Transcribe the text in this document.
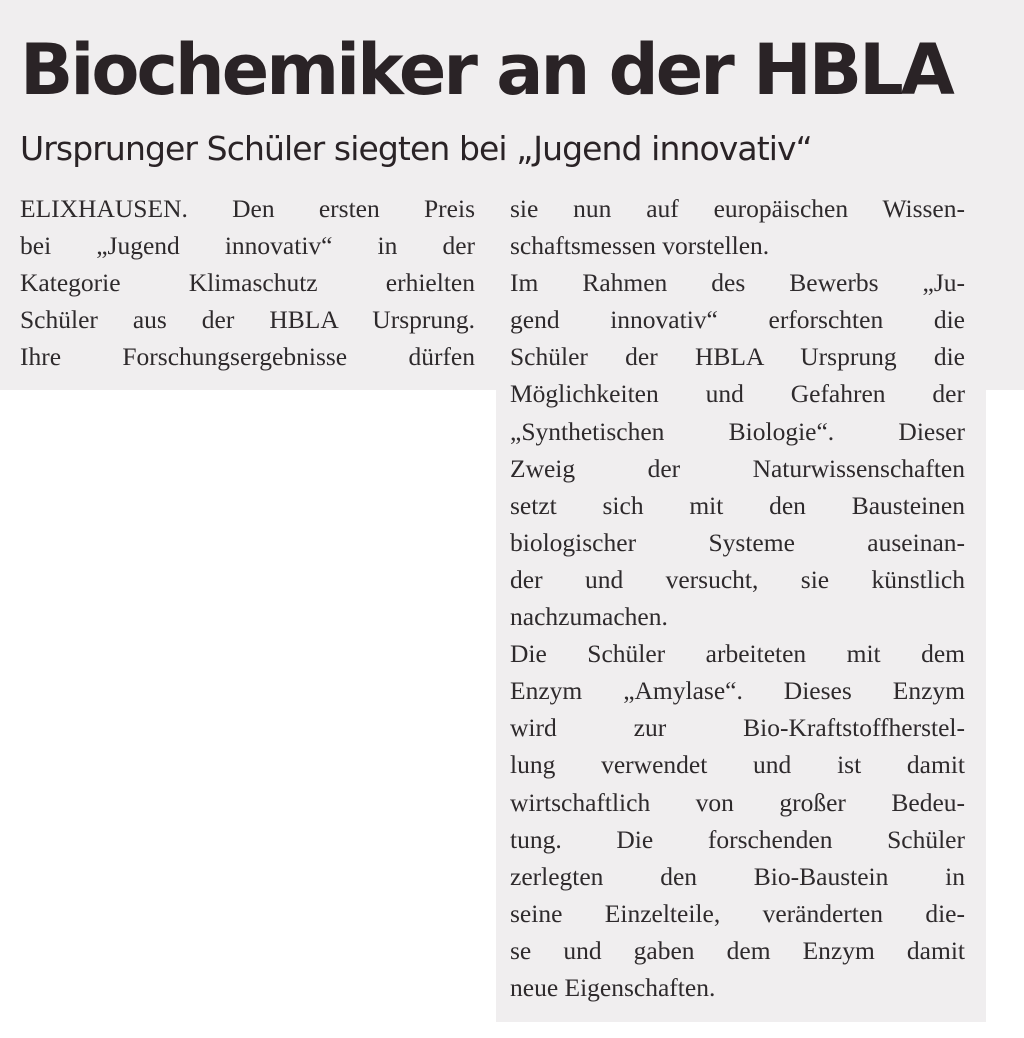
Biochemiker an der HBLA
Ursprunger Schüler siegten bei „Jugend innovativ“
ELIXHAUSEN. Den ersten Preis
bei „Jugend innovativ“ in der
Kategorie Klimaschutz erhielten
Schüler aus der HBLA Ursprung.
Ihre Forschungsergebnisse dürfen
sie nun auf europäischen Wissen-
schaftsmessen vorstellen.
Im Rahmen des Bewerbs „Ju-
gend innovativ“ erforschten die
Schüler der HBLA Ursprung die
Möglichkeiten und Gefahren der
„Synthetischen Biologie“. Dieser
Zweig der Naturwissenschaften
setzt sich mit den Bausteinen
biologischer Systeme auseinan-
der und versucht, sie künstlich
nachzumachen.
Die Schüler arbeiteten mit dem
Enzym „Amylase“. Dieses Enzym
wird zur Bio-Kraftstoffherstel-
lung verwendet und ist damit
wirtschaftlich von großer Bedeu-
tung. Die forschenden Schüler
zerlegten den Bio-Baustein in
seine Einzelteile, veränderten die-
se und gaben dem Enzym damit
neue Eigenschaften.
